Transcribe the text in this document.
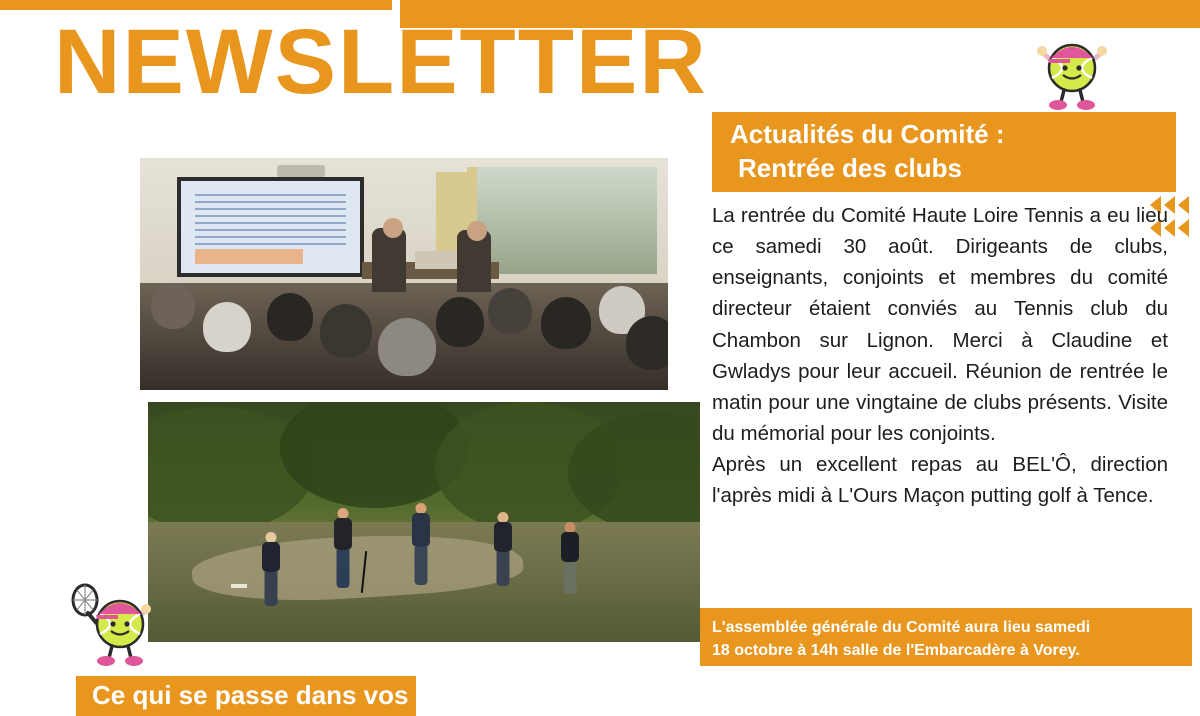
NEWSLETTER
Actualités du Comité :
Rentrée des clubs

La rentrée du Comité Haute Loire Tennis a eu lieu ce samedi 30 août. Dirigeants de clubs, enseignants, conjoints et membres du comité directeur étaient conviés au Tennis club du Chambon sur Lignon. Merci à Claudine et Gwladys pour leur accueil. Réunion de rentrée le matin pour une vingtaine de clubs présents. Visite du mémorial pour les conjoints.

Après un excellent repas au BEL'Ô, direction l'après midi à L'Ours Maçon putting golf à Tence.

L'assemblée générale du Comité aura lieu samedi
18 octobre à 14h salle de l'Embarcadère à Vorey.
Ce qui se passe dans vos clubs
